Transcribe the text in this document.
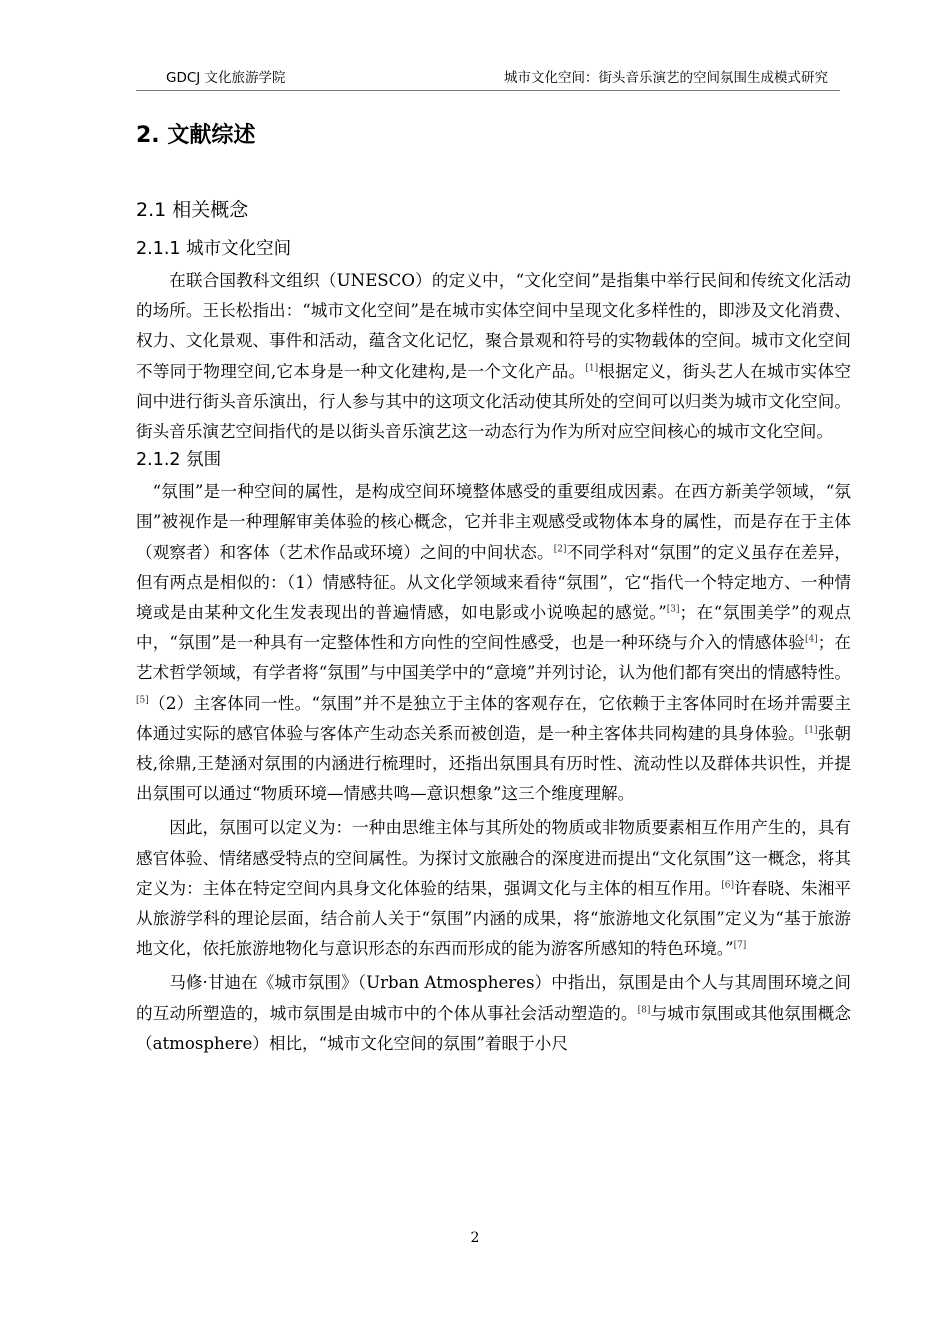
GDCJ 文化旅游学院	城市文化空间：街头音乐演艺的空间氛围生成模式研究
2. 文献综述
2.1 相关概念
2.1.1 城市文化空间

在联合国教科文组织（UNESCO）的定义中，“文化空间”是指集中举行民间和传统文化活动的场所。王长松指出：“城市文化空间”是在城市实体空间中呈现文化多样性的，即涉及文化消费、权力、文化景观、事件和活动，蕴含文化记忆，聚合景观和符号的实物载体的空间。城市文化空间不等同于物理空间,它本身是一种文化建构,是一个文化产品。[1]根据定义，街头艺人在城市实体空间中进行街头音乐演出，行人参与其中的这项文化活动使其所处的空间可以归类为城市文化空间。街头音乐演艺空间指代的是以街头音乐演艺这一动态行为作为所对应空间核心的城市文化空间。

2.1.2 氛围

“氛围”是一种空间的属性，是构成空间环境整体感受的重要组成因素。在西方新美学领域，“氛围”被视作是一种理解审美体验的核心概念，它并非主观感受或物体本身的属性，而是存在于主体（观察者）和客体（艺术作品或环境）之间的中间状态。[2]不同学科对“氛围”的定义虽存在差异，但有两点是相似的：（1）情感特征。从文化学领域来看待“氛围”，它“指代一个特定地方、一种情境或是由某种文化生发表现出的普遍情感，如电影或小说唤起的感觉。”[3]；在“氛围美学”的观点中，“氛围”是一种具有一定整体性和方向性的空间性感受，也是一种环绕与介入的情感体验[4]；在艺术哲学领域，有学者将“氛围”与中国美学中的“意境”并列讨论，认为他们都有突出的情感特性。[5]（2）主客体同一性。“氛围”并不是独立于主体的客观存在，它依赖于主客体同时在场并需要主体通过实际的感官体验与客体产生动态关系而被创造，是一种主客体共同构建的具身体验。[1]张朝枝,徐鼎,王楚涵对氛围的内涵进行梳理时，还指出氛围具有历时性、流动性以及群体共识性，并提出氛围可以通过“物质环境—情感共鸣—意识想象”这三个维度理解。

因此，氛围可以定义为：一种由思维主体与其所处的物质或非物质要素相互作用产生的，具有感官体验、情绪感受特点的空间属性。为探讨文旅融合的深度进而提出“文化氛围”这一概念，将其定义为：主体在特定空间内具身文化体验的结果，强调文化与主体的相互作用。[6]许春晓、朱湘平从旅游学科的理论层面，结合前人关于“氛围”内涵的成果，将“旅游地文化氛围”定义为“基于旅游地文化，依托旅游地物化与意识形态的东西而形成的能为游客所感知的特色环境。”[7]

马修·甘迪在《城市氛围》（Urban Atmospheres）中指出，氛围是由个人与其周围环境之间的互动所塑造的，城市氛围是由城市中的个体从事社会活动塑造的。[8]与城市氛围或其他氛围概念（atmosphere）相比，“城市文化空间的氛围”着眼于小尺

2
